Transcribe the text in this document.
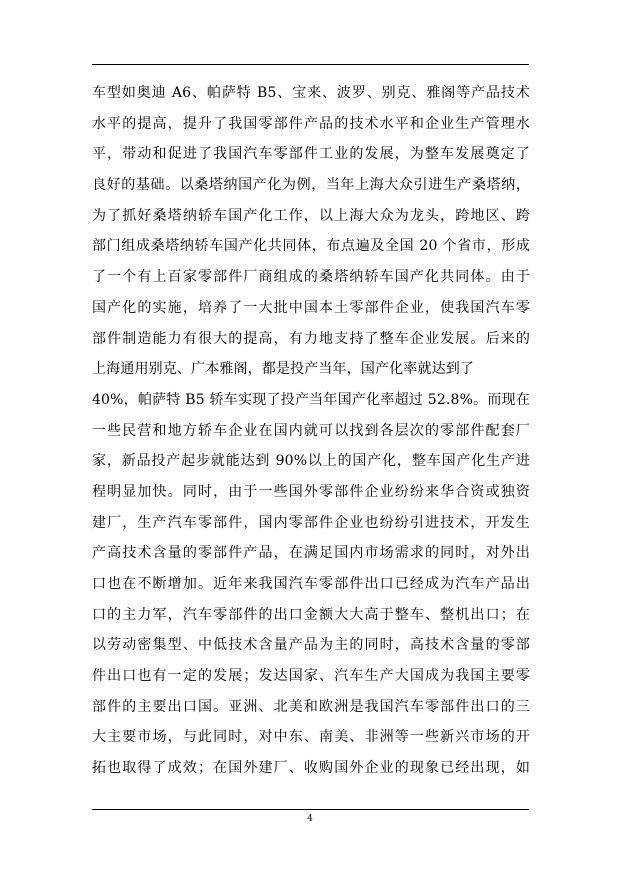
车型如奥迪 A6、帕萨特 B5、宝来、波罗、别克、雅阁等产品技术
水平的提高，提升了我国零部件产品的技术水平和企业生产管理水
平，带动和促进了我国汽车零部件工业的发展，为整车发展奠定了
良好的基础。以桑塔纳国产化为例，当年上海大众引进生产桑塔纳，
为了抓好桑塔纳轿车国产化工作，以上海大众为龙头，跨地区、跨
部门组成桑塔纳轿车国产化共同体，布点遍及全国 20 个省市，形成
了一个有上百家零部件厂商组成的桑塔纳轿车国产化共同体。由于
国产化的实施，培养了一大批中国本土零部件企业，使我国汽车零
部件制造能力有很大的提高，有力地支持了整车企业发展。后来的
上海通用别克、广本雅阁，都是投产当年，国产化率就达到了
40%，帕萨特 B5 轿车实现了投产当年国产化率超过 52.8%。而现在
一些民营和地方轿车企业在国内就可以找到各层次的零部件配套厂
家，新品投产起步就能达到 90%以上的国产化，整车国产化生产进
程明显加快。同时，由于一些国外零部件企业纷纷来华合资或独资
建厂，生产汽车零部件，国内零部件企业也纷纷引进技术，开发生
产高技术含量的零部件产品，在满足国内市场需求的同时，对外出
口也在不断增加。近年来我国汽车零部件出口已经成为汽车产品出
口的主力军，汽车零部件的出口金额大大高于整车、整机出口；在
以劳动密集型、中低技术含量产品为主的同时，高技术含量的零部
件出口也有一定的发展；发达国家、汽车生产大国成为我国主要零
部件的主要出口国。亚洲、北美和欧洲是我国汽车零部件出口的三
大主要市场，与此同时，对中东、南美、非洲等一些新兴市场的开
拓也取得了成效；在国外建厂、收购国外企业的现象已经出现，如
4
